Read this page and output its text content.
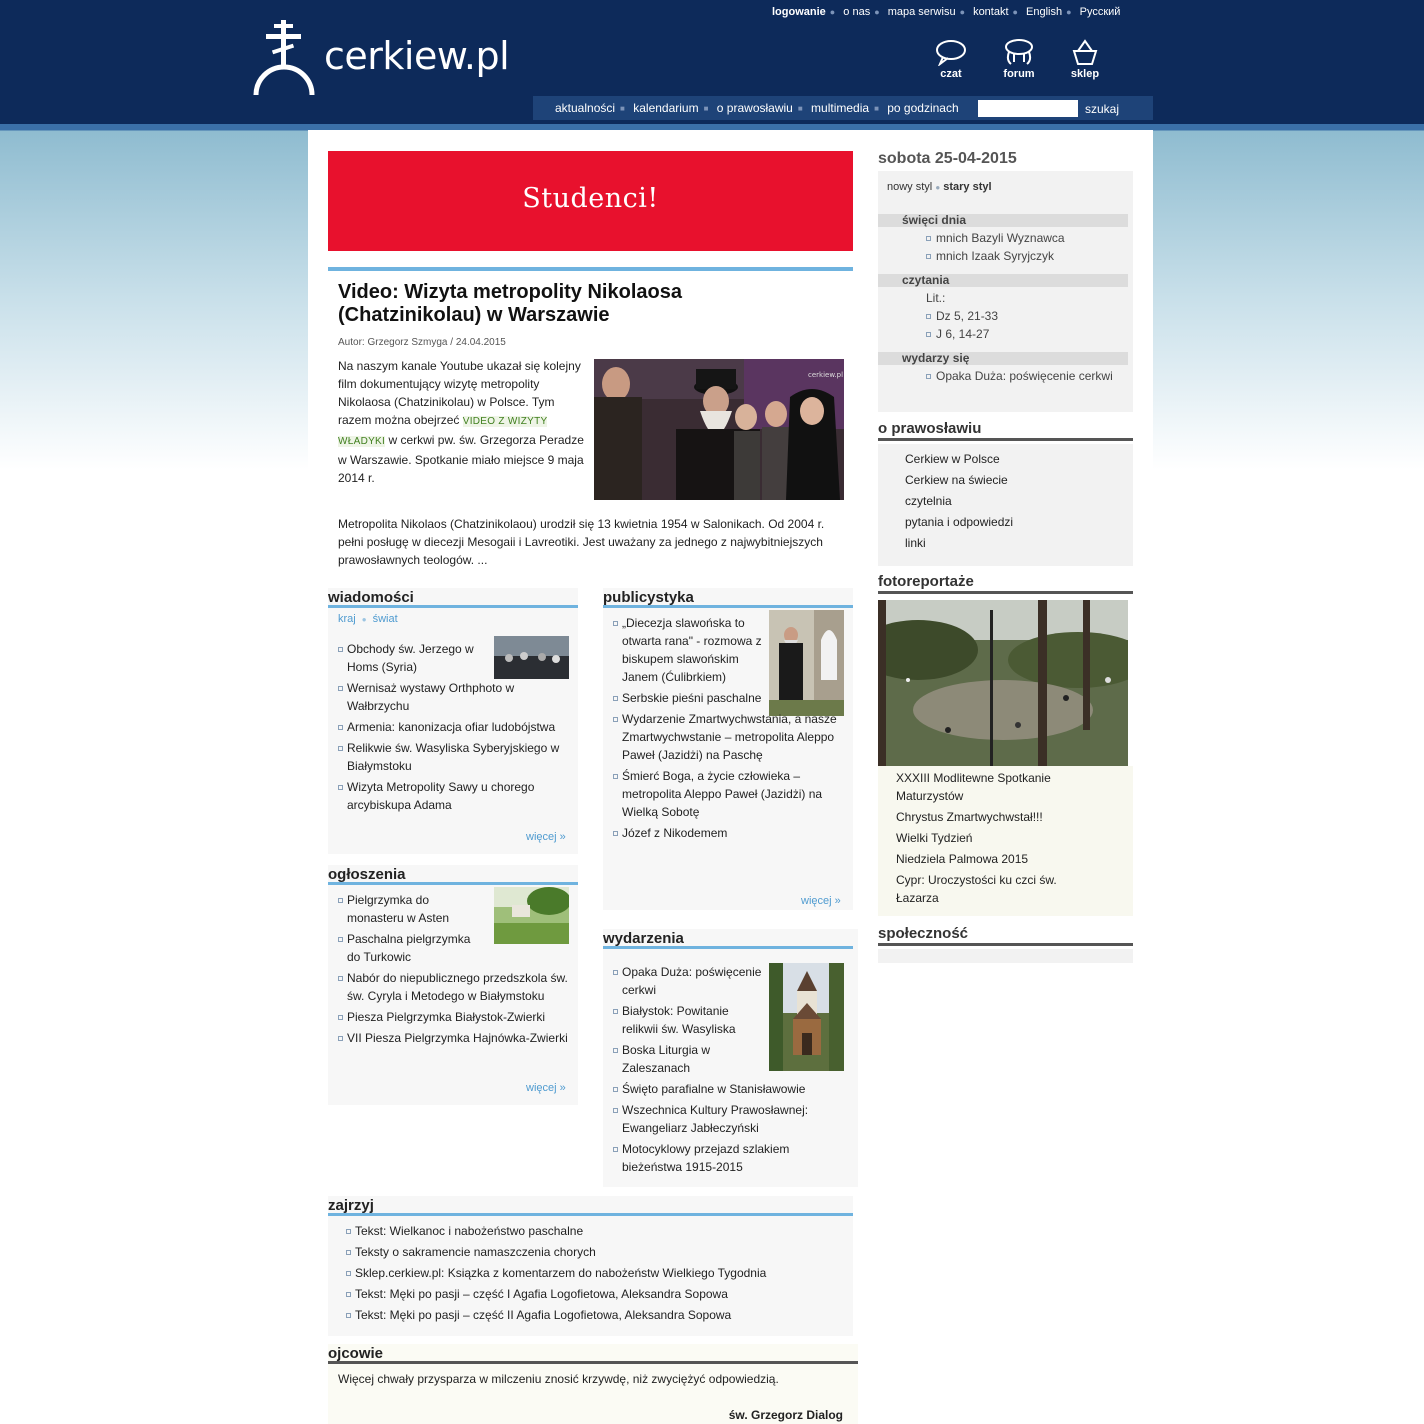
cerkiew.pl
logowanie ● o nas ● mapa serwisu ● kontakt ● English ● Русский
czat	forum	sklep
aktualności ■ kalendarium ■ o prawosławiu ■ multimedia ■ po godzinach	szukaj
Studenci!
Video: Wizyta metropolity Nikolaosa (Chatzinikolau) w Warszawie
Autor: Grzegorz Szmyga / 24.04.2015
Na naszym kanale Youtube ukazał się kolejny film dokumentujący wizytę metropolity Nikolaosa (Chatzinikolau) w Polsce. Tym razem można obejrzeć VIDEO Z WIZYTY WŁADYKI w cerkwi pw. św. Grzegorza Peradze w Warszawie. Spotkanie miało miejsce 9 maja 2014 r.
cerkiew.pl
Metropolita Nikolaos (Chatzinikolaou) urodził się 13 kwietnia 1954 w Salonikach. Od 2004 r. pełni posługę w diecezji Mesogaii i Lavreotiki. Jest uważany za jednego z najwybitniejszych prawosławnych teologów. ...
wiadomości
kraj ● świat
Obchody św. Jerzego w Homs (Syria)
Wernisaż wystawy Orthphoto w Wałbrzychu
Armenia: kanonizacja ofiar ludobójstwa
Relikwie św. Wasyliska Syberyjskiego w Białymstoku
Wizyta Metropolity Sawy u chorego arcybiskupa Adama
więcej »
ogłoszenia
Pielgrzymka do monasteru w Asten
Paschalna pielgrzymka do Turkowic
Nabór do niepublicznego przedszkola św. św. Cyryla i Metodego w Białymstoku
Piesza Pielgrzymka Białystok-Zwierki
VII Piesza Pielgrzymka Hajnówka-Zwierki
więcej »
publicystyka
„Diecezja slawońska to otwarta rana" - rozmowa z biskupem slawońskim Janem (Ćulibrkiem)
Serbskie pieśni paschalne
Wydarzenie Zmartwychwstania, a nasze Zmartwychwstanie – metropolita Aleppo Paweł (Jazidżi) na Paschę
Śmierć Boga, a życie człowieka – metropolita Aleppo Paweł (Jazidżi) na Wielką Sobotę
Józef z Nikodemem
więcej »
wydarzenia
Opaka Duża: poświęcenie cerkwi
Białystok: Powitanie relikwii św. Wasyliska
Boska Liturgia w Zaleszanach
Święto parafialne w Stanisławowie
Wszechnica Kultury Prawosławnej: Ewangeliarz Jabłeczyński
Motocyklowy przejazd szlakiem bieżeństwa 1915-2015
zajrzyj
Tekst: Wielkanoc i nabożeństwo paschalne
Teksty o sakramencie namaszczenia chorych
Sklep.cerkiew.pl: Ksiązka z komentarzem do nabożeństw Wielkiego Tygodnia
Tekst: Męki po pasji – część I Agafia Logofietowa, Aleksandra Sopowa
Tekst: Męki po pasji – część II Agafia Logofietowa, Aleksandra Sopowa
ojcowie
Więcej chwały przysparza w milczeniu znosić krzywdę, niż zwyciężyć odpowiedzią.
św. Grzegorz Dialog
sobota 25-04-2015
nowy styl ● stary styl
święci dnia
mnich Bazyli Wyznawca
mnich Izaak Syryjczyk
czytania
Lit.:
Dz 5, 21-33
J 6, 14-27
wydarzy się
Opaka Duża: poświęcenie cerkwi
o prawosławiu
Cerkiew w Polsce
Cerkiew na świecie
czytelnia
pytania i odpowiedzi
linki
fotoreportaże
XXXIII Modlitewne Spotkanie Maturzystów
Chrystus Zmartwychwstał!!!
Wielki Tydzień
Niedziela Palmowa 2015
Cypr: Uroczystości ku czci św. Łazarza
społeczność
